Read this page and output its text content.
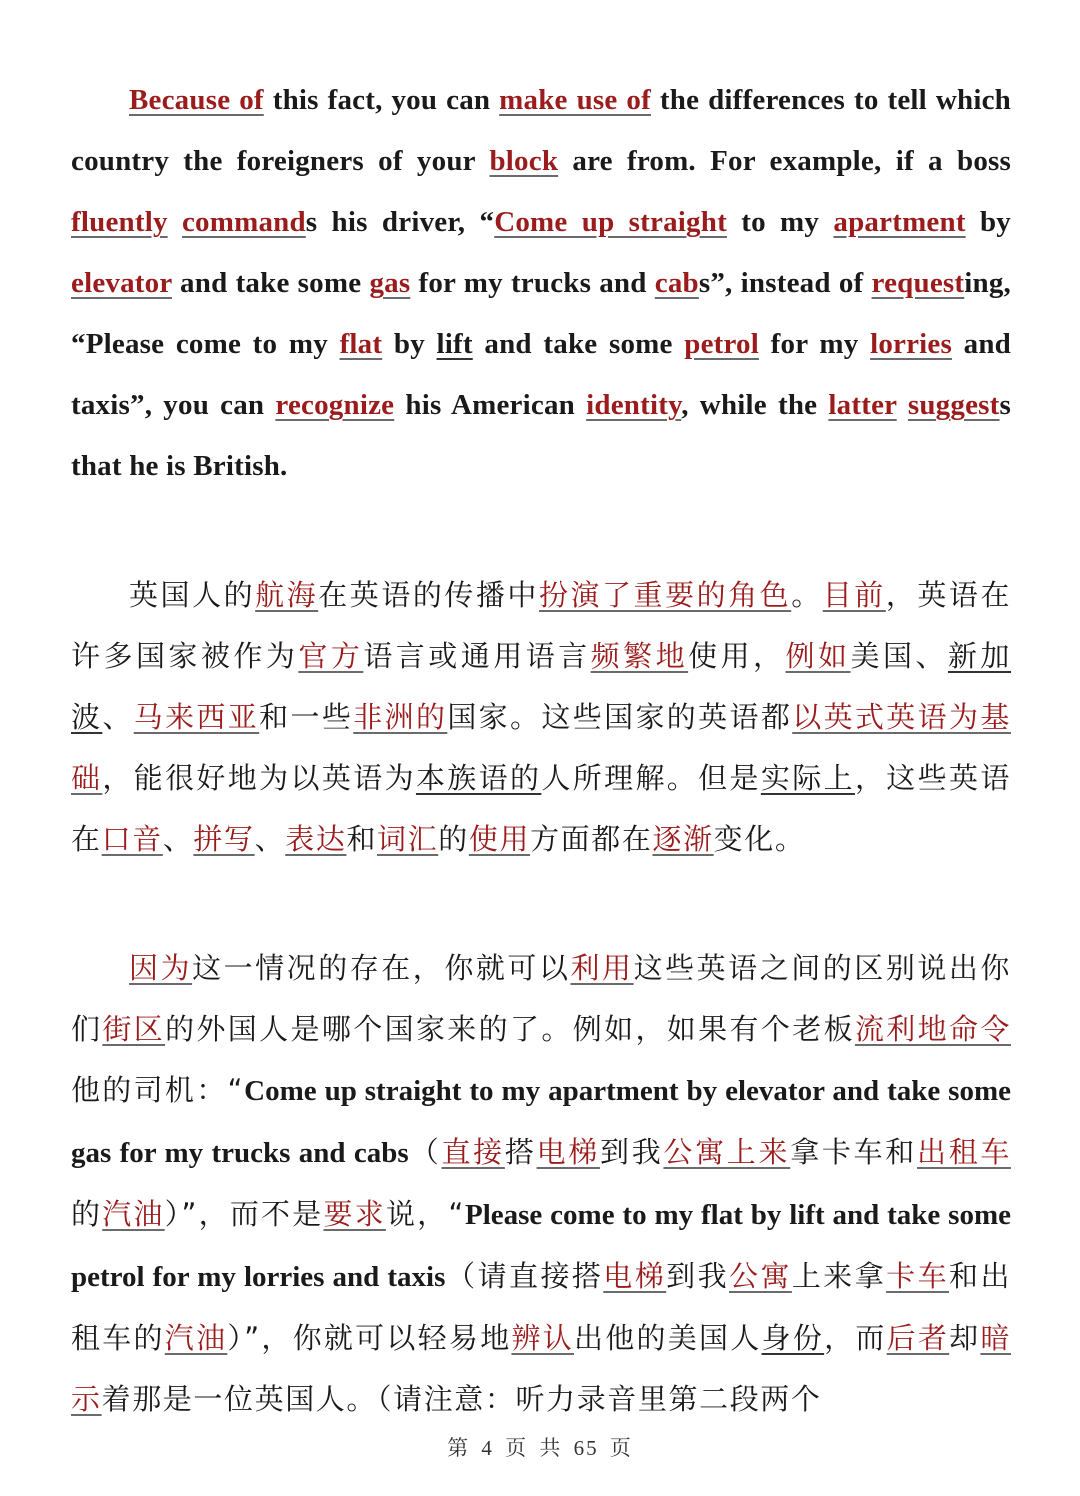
Because of this fact, you can make use of the differences to tell which country the foreigners of your block are from. For example, if a boss fluently commands his driver, “Come up straight to my apartment by elevator and take some gas for my trucks and cabs”, instead of requesting, “Please come to my flat by lift and take some petrol for my lorries and taxis”, you can recognize his American identity, while the latter suggests that he is British.

英国人的航海在英语的传播中扮演了重要的角色。目前，英语在许多国家被作为官方语言或通用语言频繁地使用，例如美国、新加波、马来西亚和一些非洲的国家。这些国家的英语都以英式英语为基础，能很好地为以英语为本族语的人所理解。但是实际上，这些英语在口音、拼写、表达和词汇的使用方面都在逐渐变化。

因为这一情况的存在，你就可以利用这些英语之间的区别说出你们街区的外国人是哪个国家来的了。例如，如果有个老板流利地命令他的司机：“Come up straight to my apartment by elevator and take some gas for my trucks and cabs（直接搭电梯到我公寓上来拿卡车和出租车的汽油）”，而不是要求说，“Please come to my flat by lift and take some petrol for my lorries and taxis（请直接搭电梯到我公寓上来拿卡车和出租车的汽油）”，你就可以轻易地辨认出他的美国人身份，而后者却暗示着那是一位英国人。（请注意：听力录音里第二段两个

第 4 页 共 65 页
